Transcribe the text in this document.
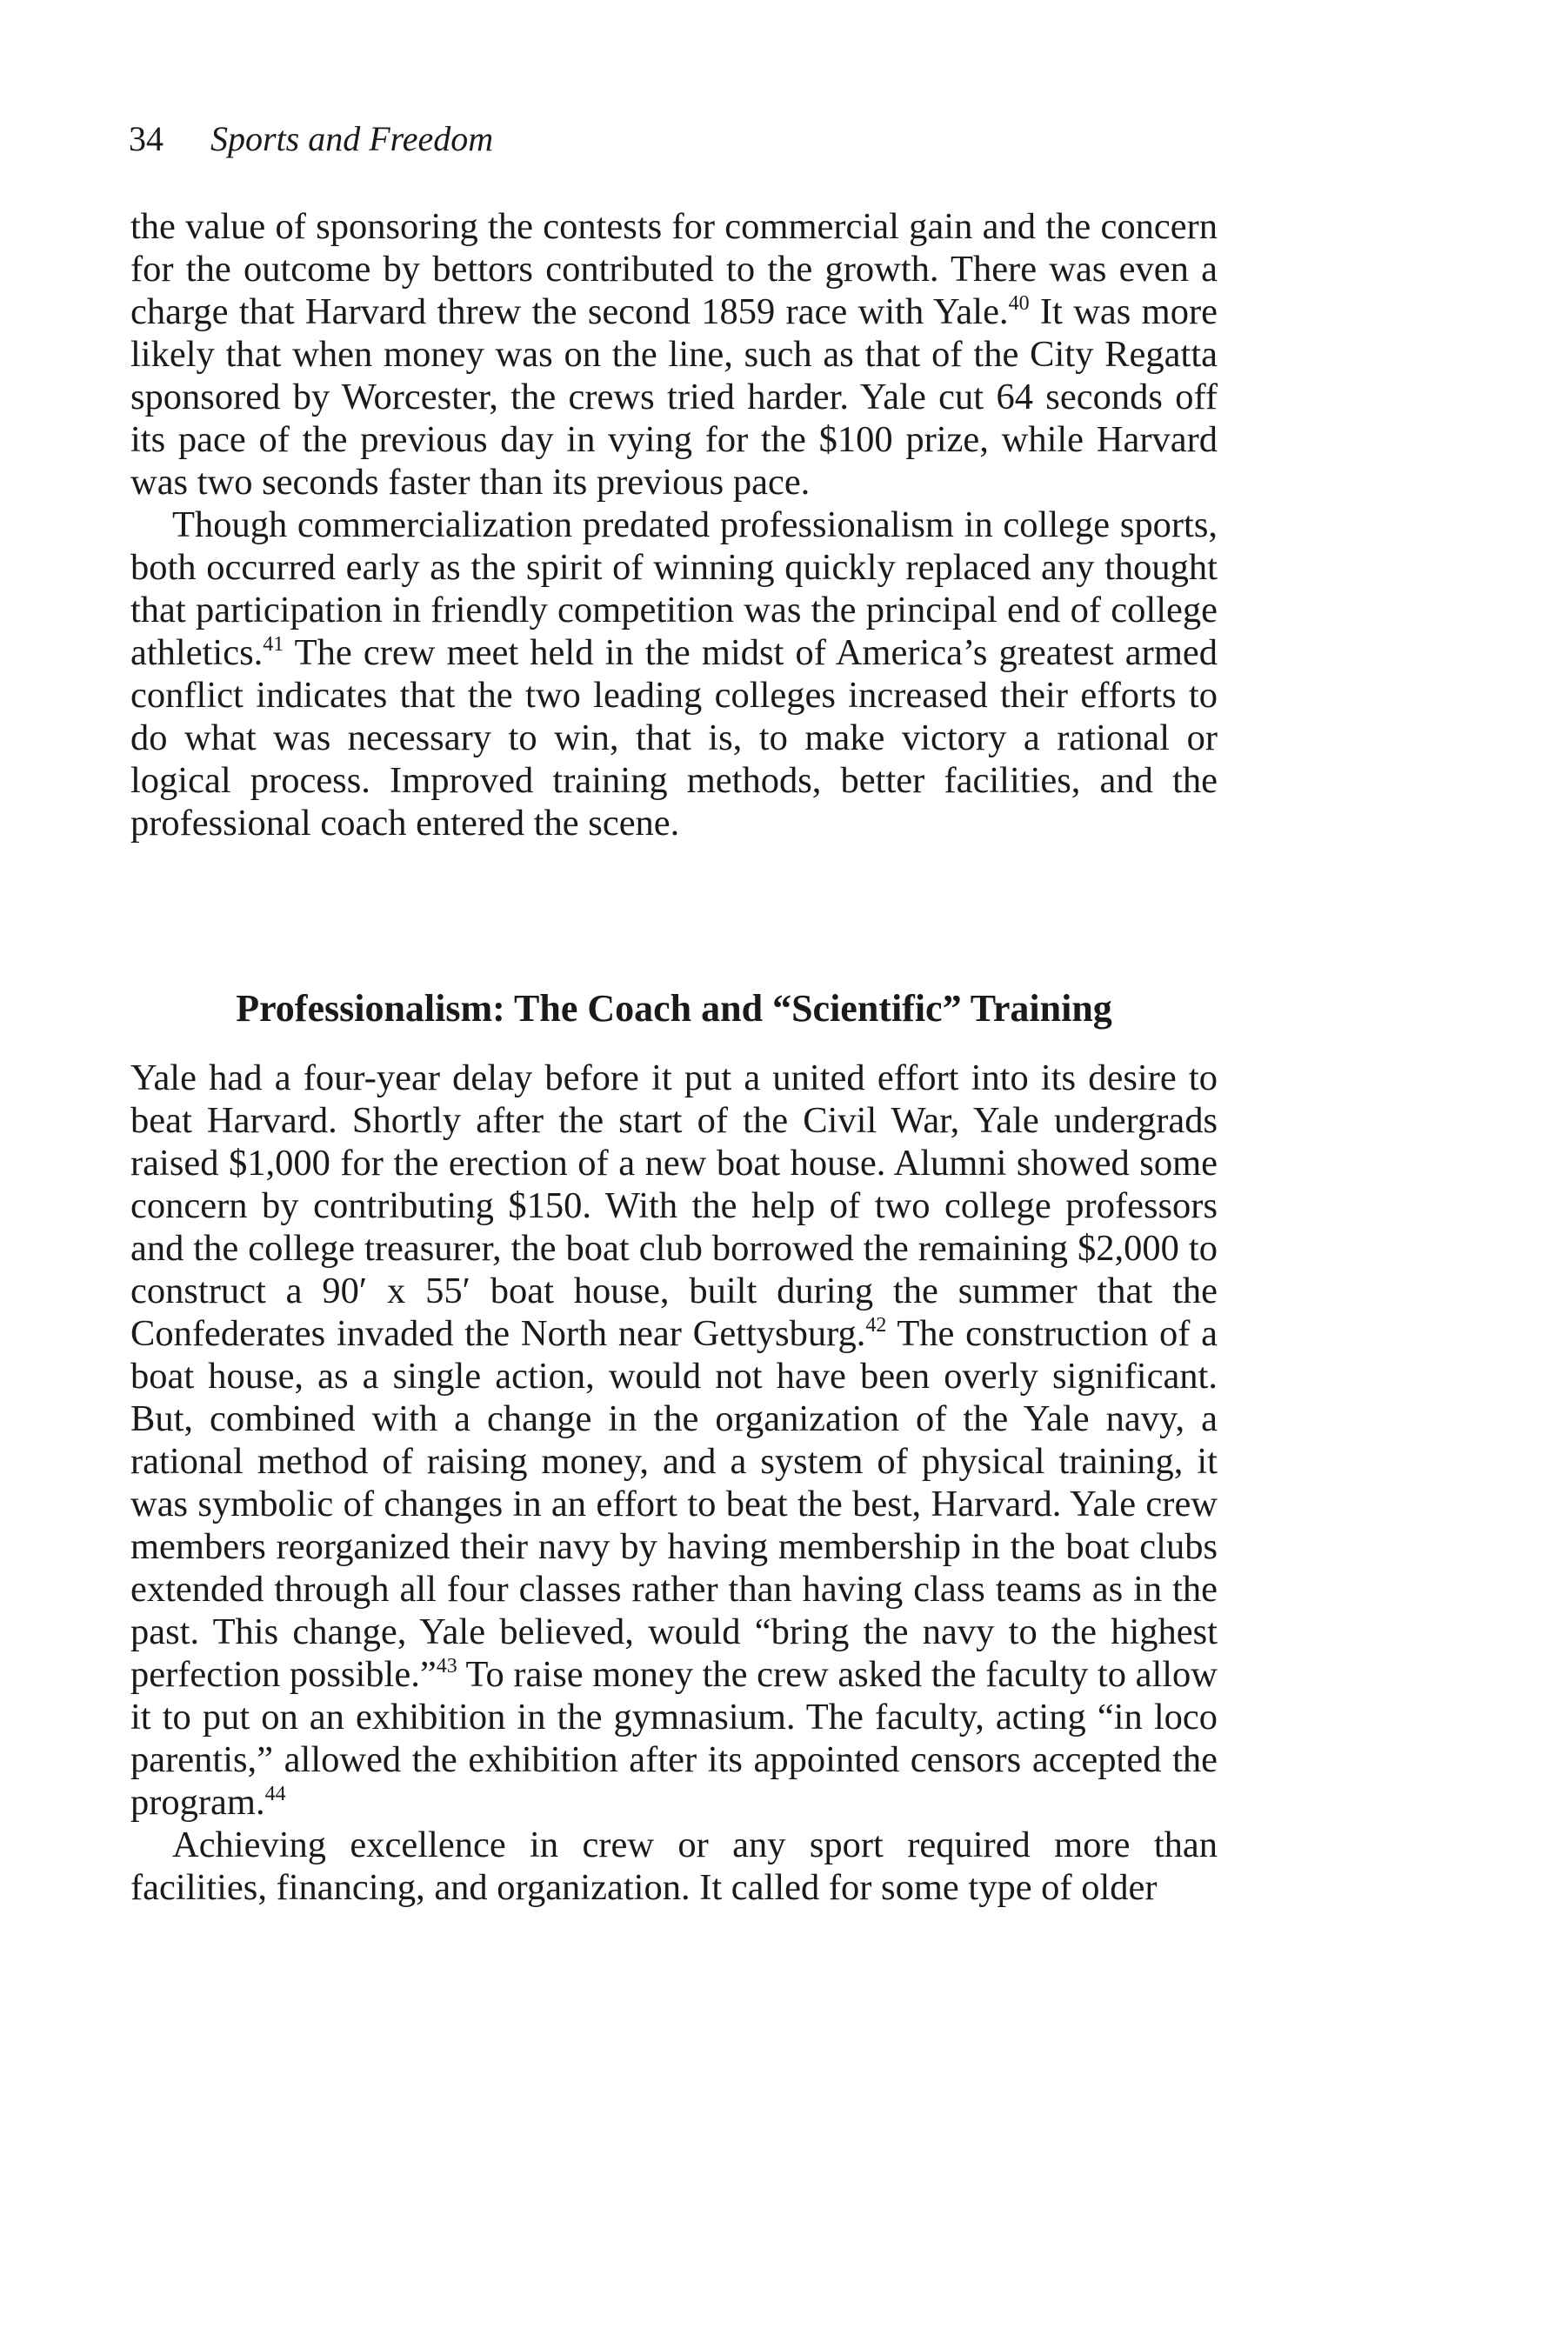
34 Sports and Freedom

the value of sponsoring the contests for commercial gain and the concern for the outcome by bettors contributed to the growth. There was even a charge that Harvard threw the second 1859 race with Yale.$^{40}$ It was more likely that when money was on the line, such as that of the City Regatta sponsored by Worcester, the crews tried harder. Yale cut 64 seconds off its pace of the previous day in vying for the $100 prize, while Harvard was two seconds faster than its previous pace.

Though commercialization predated professionalism in college sports, both occurred early as the spirit of winning quickly replaced any thought that participation in friendly competition was the principal end of college athletics.$^{41}$ The crew meet held in the midst of America’s greatest armed conflict indicates that the two leading colleges increased their efforts to do what was necessary to win, that is, to make victory a rational or logical process. Improved training methods, better facilities, and the professional coach entered the scene.

Professionalism: The Coach and “Scientific” Training

Yale had a four-year delay before it put a united effort into its desire to beat Harvard. Shortly after the start of the Civil War, Yale undergrads raised $1,000 for the erection of a new boat house. Alumni showed some concern by contributing $150. With the help of two college professors and the college treasurer, the boat club borrowed the remaining $2,000 to construct a 90′ x 55′ boat house, built during the summer that the Confederates invaded the North near Gettysburg.$^{42}$ The construction of a boat house, as a single action, would not have been overly significant. But, combined with a change in the organization of the Yale navy, a rational method of raising money, and a system of physical training, it was symbolic of changes in an effort to beat the best, Harvard. Yale crew members reorganized their navy by having membership in the boat clubs extended through all four classes rather than having class teams as in the past. This change, Yale believed, would “bring the navy to the highest perfection possible.”$^{43}$ To raise money the crew asked the faculty to allow it to put on an exhibition in the gymnasium. The faculty, acting “in loco parentis,” allowed the exhibition after its appointed censors accepted the program.$^{44}$

Achieving excellence in crew or any sport required more than facilities, financing, and organization. It called for some type of older
